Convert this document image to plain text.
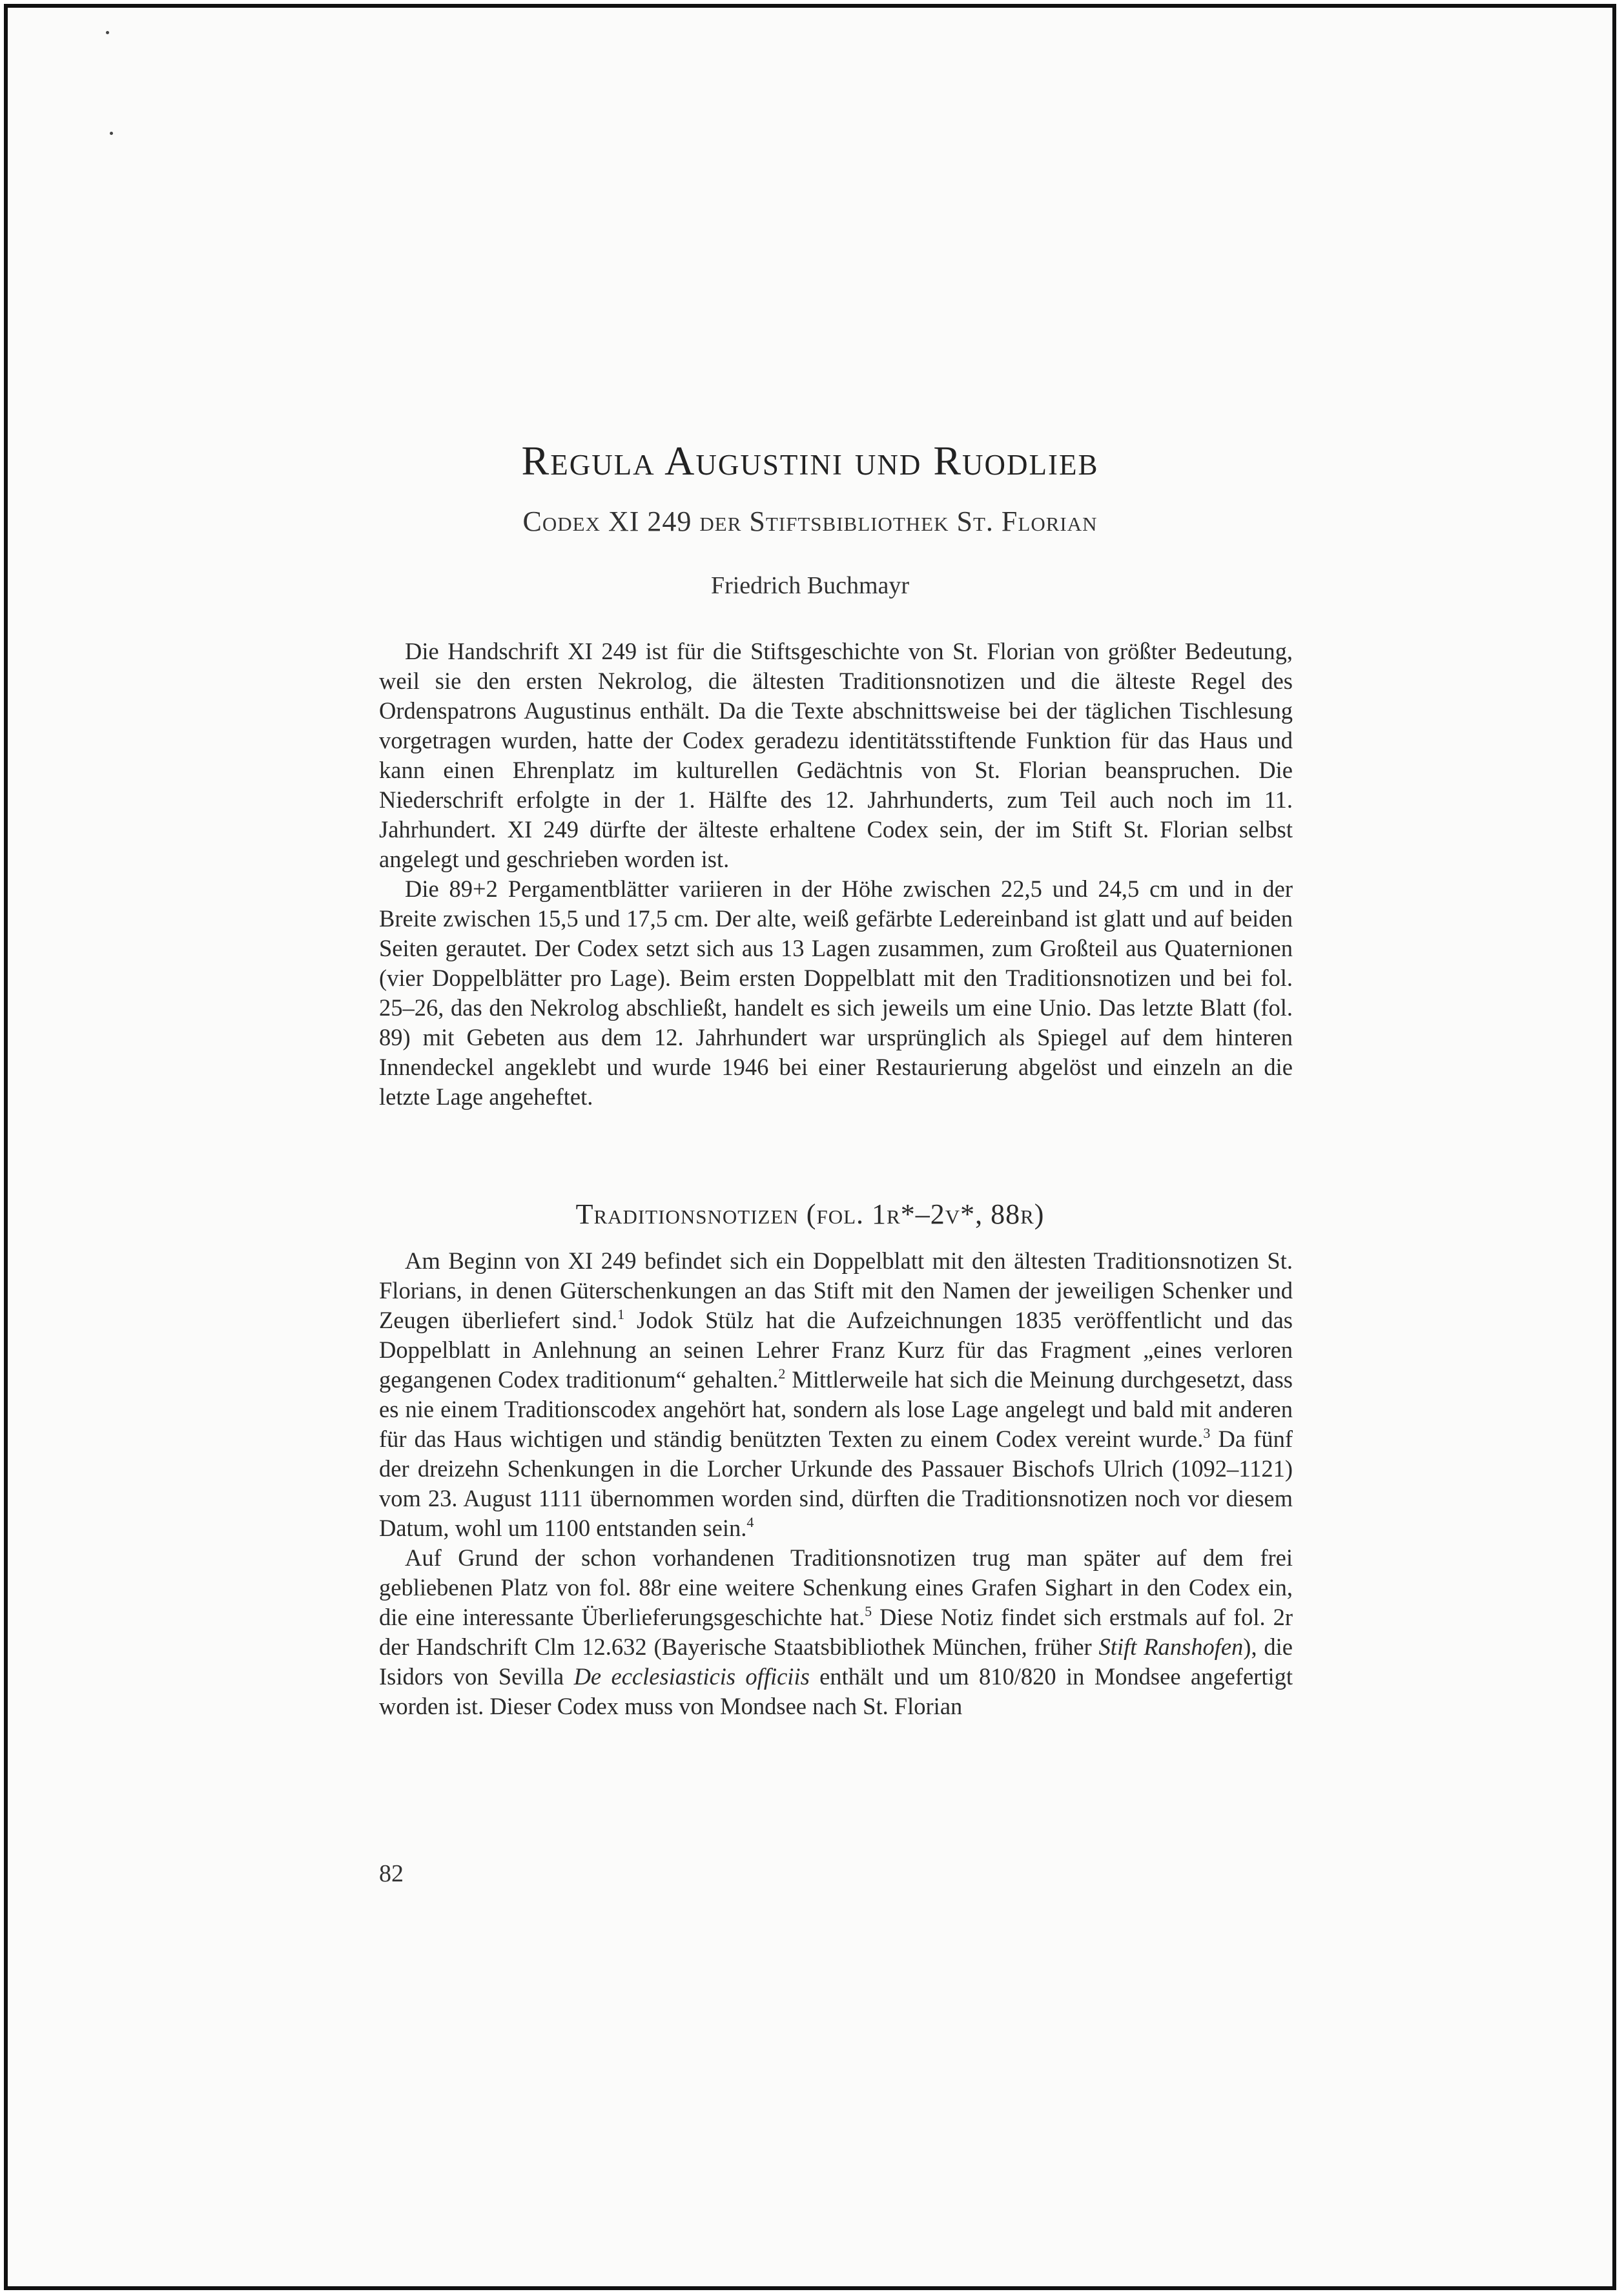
Regula Augustini und Ruodlieb
Codex XI 249 der Stiftsbibliothek St. Florian
Friedrich Buchmayr

Die Handschrift XI 249 ist für die Stiftsgeschichte von St. Florian von größter Bedeutung, weil sie den ersten Nekrolog, die ältesten Traditionsnotizen und die älteste Regel des Ordenspatrons Augustinus enthält. Da die Texte abschnittsweise bei der täglichen Tischlesung vorgetragen wurden, hatte der Codex geradezu identitätsstiftende Funktion für das Haus und kann einen Ehrenplatz im kulturellen Gedächtnis von St. Florian beanspruchen. Die Niederschrift erfolgte in der 1. Hälfte des 12. Jahrhunderts, zum Teil auch noch im 11. Jahrhundert. XI 249 dürfte der älteste erhaltene Codex sein, der im Stift St. Florian selbst angelegt und geschrieben worden ist.

Die 89+2 Pergamentblätter variieren in der Höhe zwischen 22,5 und 24,5 cm und in der Breite zwischen 15,5 und 17,5 cm. Der alte, weiß gefärbte Ledereinband ist glatt und auf beiden Seiten gerautet. Der Codex setzt sich aus 13 Lagen zusammen, zum Großteil aus Quaternionen (vier Doppelblätter pro Lage). Beim ersten Doppelblatt mit den Traditionsnotizen und bei fol. 25–26, das den Nekrolog abschließt, handelt es sich jeweils um eine Unio. Das letzte Blatt (fol. 89) mit Gebeten aus dem 12. Jahrhundert war ursprünglich als Spiegel auf dem hinteren Innendeckel angeklebt und wurde 1946 bei einer Restaurierung abgelöst und einzeln an die letzte Lage angeheftet.

Traditionsnotizen (fol. 1r*–2v*, 88r)

Am Beginn von XI 249 befindet sich ein Doppelblatt mit den ältesten Traditionsnotizen St. Florians, in denen Güterschenkungen an das Stift mit den Namen der jeweiligen Schenker und Zeugen überliefert sind.$^1$ Jodok Stülz hat die Aufzeichnungen 1835 veröffentlicht und das Doppelblatt in Anlehnung an seinen Lehrer Franz Kurz für das Fragment „eines verloren gegangenen Codex traditionum“ gehalten.$^2$ Mittlerweile hat sich die Meinung durchgesetzt, dass es nie einem Traditionscodex angehört hat, sondern als lose Lage angelegt und bald mit anderen für das Haus wichtigen und ständig benützten Texten zu einem Codex vereint wurde.$^3$ Da fünf der dreizehn Schenkungen in die Lorcher Urkunde des Passauer Bischofs Ulrich (1092–1121) vom 23. August 1111 übernommen worden sind, dürften die Traditionsnotizen noch vor diesem Datum, wohl um 1100 entstanden sein.$^4$

Auf Grund der schon vorhandenen Traditionsnotizen trug man später auf dem frei gebliebenen Platz von fol. 88r eine weitere Schenkung eines Grafen Sighart in den Codex ein, die eine interessante Überlieferungsgeschichte hat.$^5$ Diese Notiz findet sich erstmals auf fol. 2r der Handschrift Clm 12.632 (Bayerische Staatsbibliothek München, früher Stift Ranshofen), die Isidors von Sevilla De ecclesiasticis officiis enthält und um 810/820 in Mondsee angefertigt worden ist. Dieser Codex muss von Mondsee nach St. Florian

82
